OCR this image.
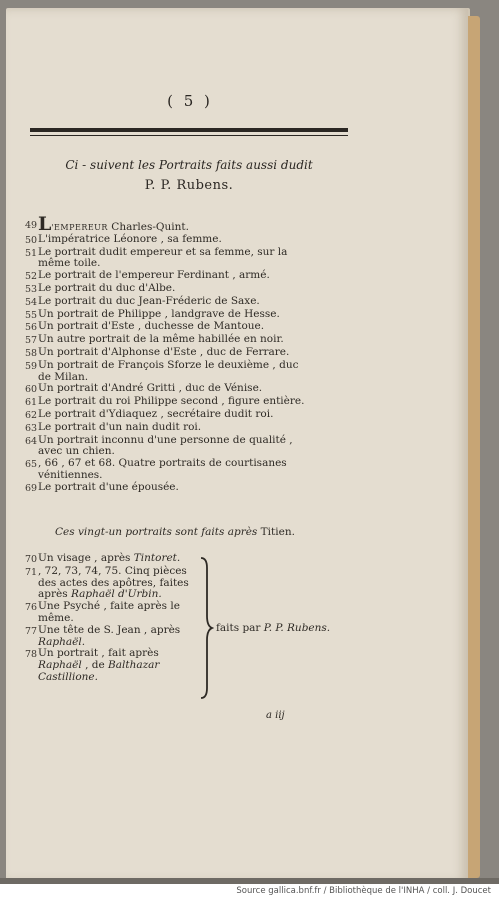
( 5 )
Ci - suivent les Portraits faits aussi dudit
P. P. Rubens.
49 L'EMPEREUR Charles-Quint.
50 L'impératrice Léonore , sa femme.
51 Le portrait dudit empereur et sa femme, sur la
même toile.
52 Le portrait de l'empereur Ferdinant , armé.
53 Le portrait du duc d'Albe.
54 Le portrait du duc Jean-Fréderic de Saxe.
55 Un portrait de Philippe , landgrave de Hesse.
56 Un portrait d'Este , duchesse de Mantoue.
57 Un autre portrait de la même habillée en noir.
58 Un portrait d'Alphonse d'Este , duc de Ferrare.
59 Un portrait de François Sforze le deuxième , duc
de Milan.
60 Un portrait d'André Gritti , duc de Vénise.
61 Le portrait du roi Philippe second , figure entière.
62 Le portrait d'Ydiaquez , secrétaire dudit roi.
63 Le portrait d'un nain dudit roi.
64 Un portrait inconnu d'une personne de qualité ,
avec un chien.
65 , 66 , 67 et 68. Quatre portraits de courtisanes
vénitiennes.
69 Le portrait d'une épousée.
Ces vingt-un portraits sont faits après Titien.
70 Un visage , après Tintoret.
71 , 72, 73, 74, 75. Cinq pièces
des actes des apôtres, faites
après Raphaël d'Urbin.
76 Une Psyché , faite après le
même.
77 Une tête de S. Jean , après
Raphaël.
78 Un portrait , fait après
Raphaël , de Balthazar
Castillione.
faits par P. P. Rubens.
a iij
Source gallica.bnf.fr / Bibliothèque de l'INHA / coll. J. Doucet
